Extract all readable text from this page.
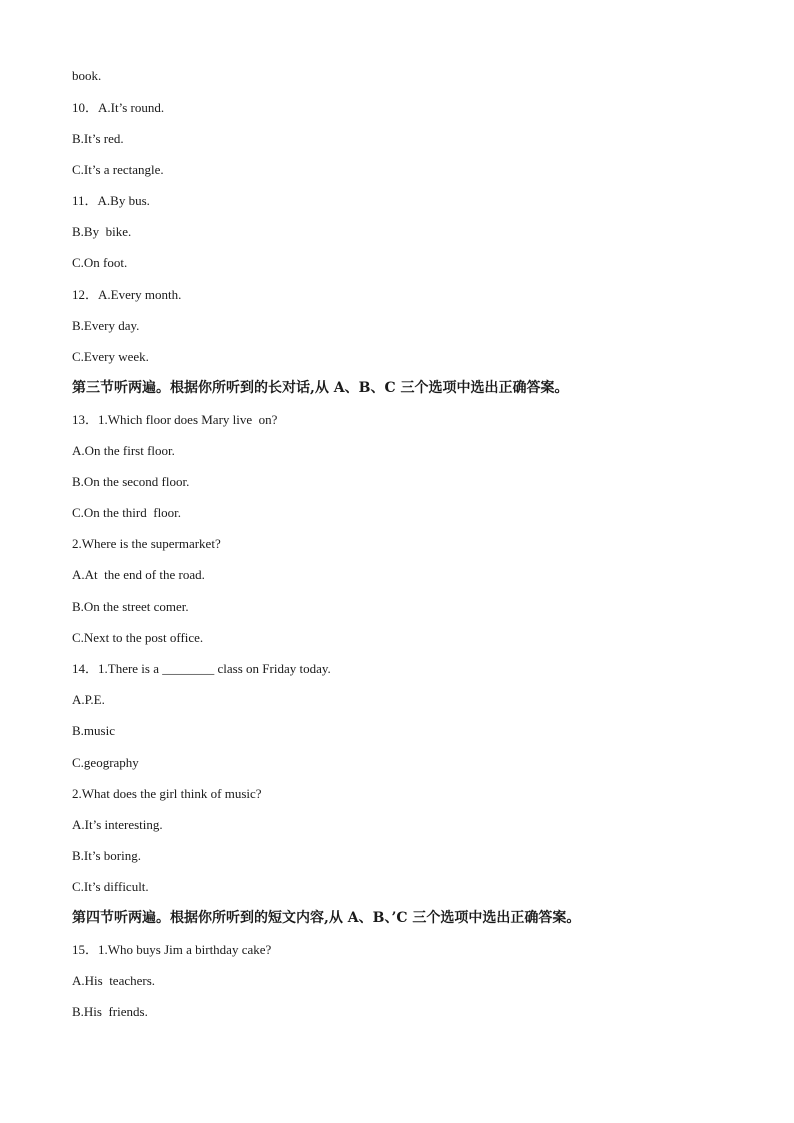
book.

10．A.It’s round.

B.It’s red.

C.It’s a rectangle.

11．A.By bus.

B.By  bike.

C.On foot.

12．A.Every month.

B.Every day.

C.Every week.

第三节听两遍。根据你所听到的长对话,从 A、B、C 三个选项中选出正确答案。

13．1.Which floor does Mary live  on?

A.On the first floor.

B.On the second floor.

C.On the third  floor.

2.Where is the supermarket?

A.At  the end of the road.

B.On the street comer.

C.Next to the post office.

14．1.There is a ________ class on Friday today.

A.P.E.

B.music

C.geography

2.What does the girl think of music?

A.It’s interesting.

B.It’s boring.

C.It’s difficult.

第四节听两遍。根据你所听到的短文内容,从 A、B、’C 三个选项中选出正确答案。

15．1.Who buys Jim a birthday cake?

A.His  teachers.

B.His  friends.
